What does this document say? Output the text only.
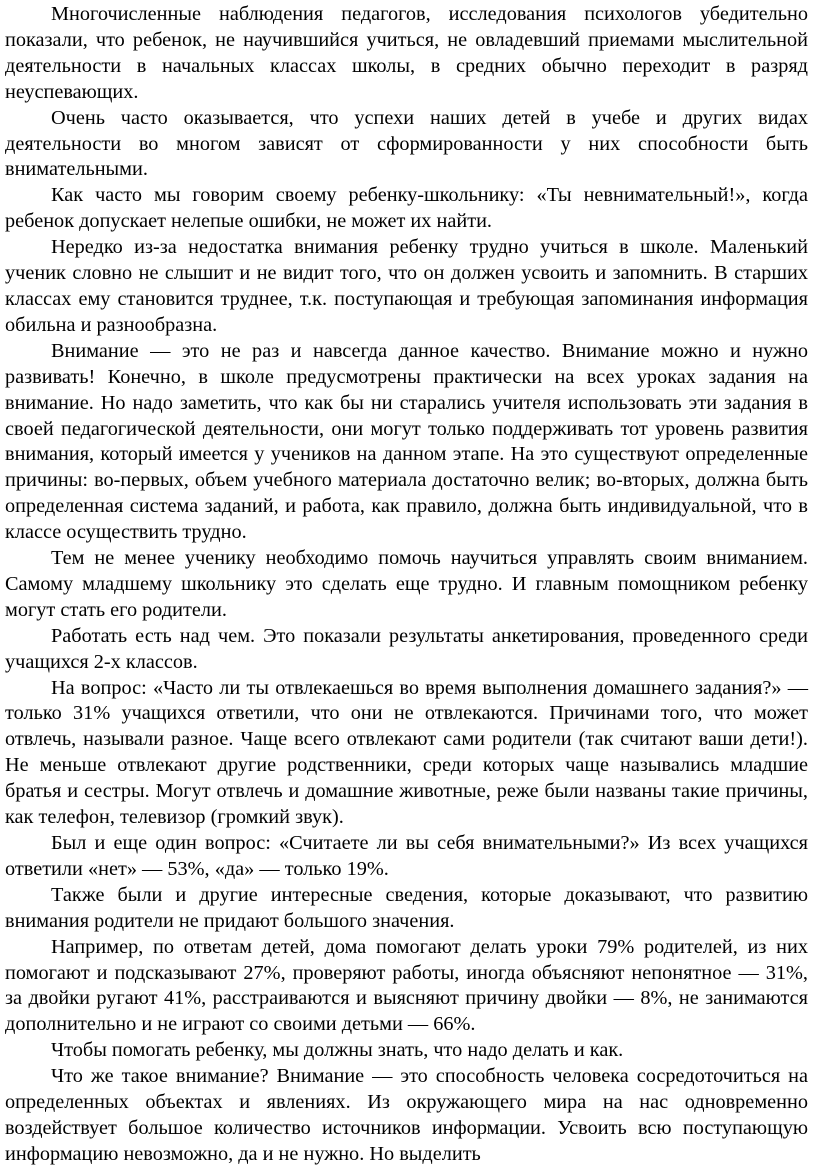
Многочисленные наблюдения педагогов, исследования психологов убедительно показали, что ребенок, не научившийся учиться, не овладевший приемами мыслительной деятельности в начальных классах школы, в средних обычно переходит в разряд неуспевающих.

Очень часто оказывается, что успехи наших детей в учебе и других видах деятельности во многом зависят от сформированности у них способности быть внимательными.

Как часто мы говорим своему ребенку-школьнику: «Ты невнимательный!», когда ребенок допускает нелепые ошибки, не может их найти.

Нередко из-за недостатка внимания ребенку трудно учиться в школе. Маленький ученик словно не слышит и не видит того, что он должен усвоить и запомнить. В старших классах ему становится труднее, т.к. поступающая и требующая запоминания информация обильна и разнообразна.

Внимание — это не раз и навсегда данное качество. Внимание можно и нужно развивать! Конечно, в школе предусмотрены практически на всех уроках задания на внимание. Но надо заметить, что как бы ни старались учителя использовать эти задания в своей педагогической деятельности, они могут только поддерживать тот уровень развития внимания, который имеется у учеников на данном этапе. На это существуют определенные причины: во-первых, объем учебного материала достаточно велик; во-вторых, должна быть определенная система заданий, и работа, как правило, должна быть индивидуальной, что в классе осуществить трудно.

Тем не менее ученику необходимо помочь научиться управлять своим вниманием. Самому младшему школьнику это сделать еще трудно. И главным помощником ребенку могут стать его родители.

Работать есть над чем. Это показали результаты анкетирования, проведенного среди учащихся 2-х классов.

На вопрос: «Часто ли ты отвлекаешься во время выполнения домашнего задания?» — только 31% учащихся ответили, что они не отвлекаются. Причинами того, что может отвлечь, называли разное. Чаще всего отвлекают сами родители (так считают ваши дети!). Не меньше отвлекают другие родственники, среди которых чаще назывались младшие братья и сестры. Могут отвлечь и домашние животные, реже были названы такие причины, как телефон, телевизор (громкий звук).

Был и еще один вопрос: «Считаете ли вы себя внимательными?» Из всех учащихся ответили «нет» — 53%, «да» — только 19%.

Также были и другие интересные сведения, которые доказывают, что развитию внимания родители не придают большого значения.

Например, по ответам детей, дома помогают делать уроки 79% родителей, из них помогают и подсказывают 27%, проверяют работы, иногда объясняют непонятное — 31%, за двойки ругают 41%, расстраиваются и выясняют причину двойки — 8%, не занимаются дополнительно и не играют со своими детьми — 66%.

Чтобы помогать ребенку, мы должны знать, что надо делать и как.

Что же такое внимание? Внимание — это способность человека сосредоточиться на определенных объектах и явлениях. Из окружающего мира на нас одновременно воздействует большое количество источников информации. Усвоить всю поступающую информацию невозможно, да и не нужно. Но выделить
